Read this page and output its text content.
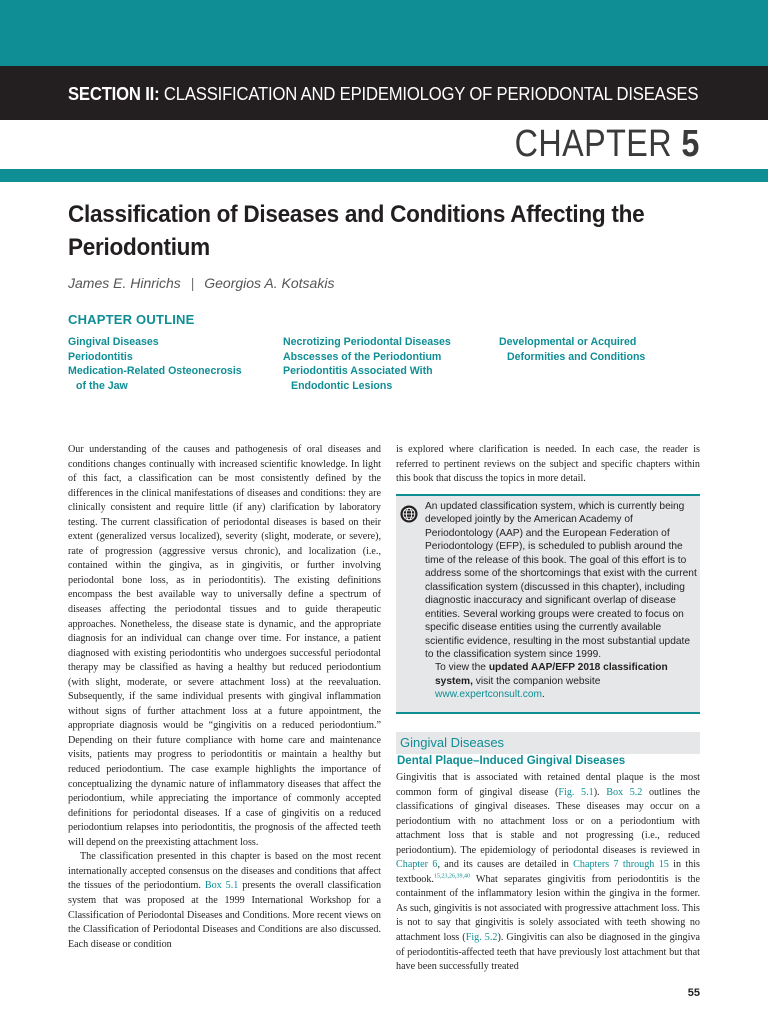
SECTION II: CLASSIFICATION AND EPIDEMIOLOGY OF PERIODONTAL DISEASES
CHAPTER 5
Classification of Diseases and Conditions Affecting the Periodontium
James E. Hinrichs | Georgios A. Kotsakis
CHAPTER OUTLINE
Gingival Diseases
Periodontitis
Medication-Related Osteonecrosis
of the Jaw
Necrotizing Periodontal Diseases
Abscesses of the Periodontium
Periodontitis Associated With
Endodontic Lesions
Developmental or Acquired
Deformities and Conditions

Our understanding of the causes and pathogenesis of oral diseases and conditions changes continually with increased scientific knowledge. In light of this fact, a classification can be most consistently defined by the differences in the clinical manifestations of diseases and conditions: they are clinically consistent and require little (if any) clarification by laboratory testing. The current classification of periodontal diseases is based on their extent (generalized versus localized), severity (slight, moderate, or severe), rate of progression (aggressive versus chronic), and localization (i.e., contained within the gingiva, as in gingivitis, or further involving periodontal bone loss, as in periodontitis). The existing definitions encompass the best available way to universally define a spectrum of diseases affecting the periodontal tissues and to guide therapeutic approaches. Nonetheless, the disease state is dynamic, and the appropriate diagnosis for an individual can change over time. For instance, a patient diagnosed with existing periodontitis who undergoes successful periodontal therapy may be classified as having a healthy but reduced periodontium (with slight, moderate, or severe attachment loss) at the reevaluation. Subsequently, if the same individual presents with gingival inflammation without signs of further attachment loss at a future appointment, the appropriate diagnosis would be “gingivitis on a reduced periodontium.” Depending on their future compliance with home care and maintenance visits, patients may progress to periodontitis or maintain a healthy but reduced periodontium. The case example highlights the importance of conceptualizing the dynamic nature of inflammatory diseases that affect the periodontium, while appreciating the importance of commonly accepted definitions for periodontal diseases. If a case of gingivitis on a reduced periodontium relapses into periodontitis, the prognosis of the affected teeth will depend on the preexisting attachment loss.

The classification presented in this chapter is based on the most recent internationally accepted consensus on the diseases and conditions that affect the tissues of the periodontium. Box 5.1 presents the overall classification system that was proposed at the 1999 International Workshop for a Classification of Periodontal Diseases and Conditions. More recent views on the Classification of Periodontal Diseases and Conditions are also discussed. Each disease or condition

is explored where clarification is needed. In each case, the reader is referred to pertinent reviews on the subject and specific chapters within this book that discuss the topics in more detail.

An updated classification system, which is currently being developed jointly by the American Academy of Periodontology (AAP) and the European Federation of Periodontology (EFP), is scheduled to publish around the time of the release of this book. The goal of this effort is to address some of the shortcomings that exist with the current classification system (discussed in this chapter), including diagnostic inaccuracy and significant overlap of disease entities. Several working groups were created to focus on specific disease entities using the currently available scientific evidence, resulting in the most substantial update to the classification system since 1999.
To view the updated AAP/EFP 2018 classification system, visit the companion website www.expertconsult.com.
Gingival Diseases
Dental Plaque–Induced Gingival Diseases

Gingivitis that is associated with retained dental plaque is the most common form of gingival disease (Fig. 5.1). Box 5.2 outlines the classifications of gingival diseases. These diseases may occur on a periodontium with no attachment loss or on a periodontium with attachment loss that is stable and not progressing (i.e., reduced periodontium). The epidemiology of periodontal diseases is reviewed in Chapter 6, and its causes are detailed in Chapters 7 through 15 in this textbook.$^{15,23,26,39,40}$ What separates gingivitis from periodontitis is the containment of the inflammatory lesion within the gingiva in the former. As such, gingivitis is not associated with progressive attachment loss. This is not to say that gingivitis is solely associated with teeth showing no attachment loss (Fig. 5.2). Gingivitis can also be diagnosed in the gingiva of periodontitis-affected teeth that have previously lost attachment but that have been successfully treated

55
